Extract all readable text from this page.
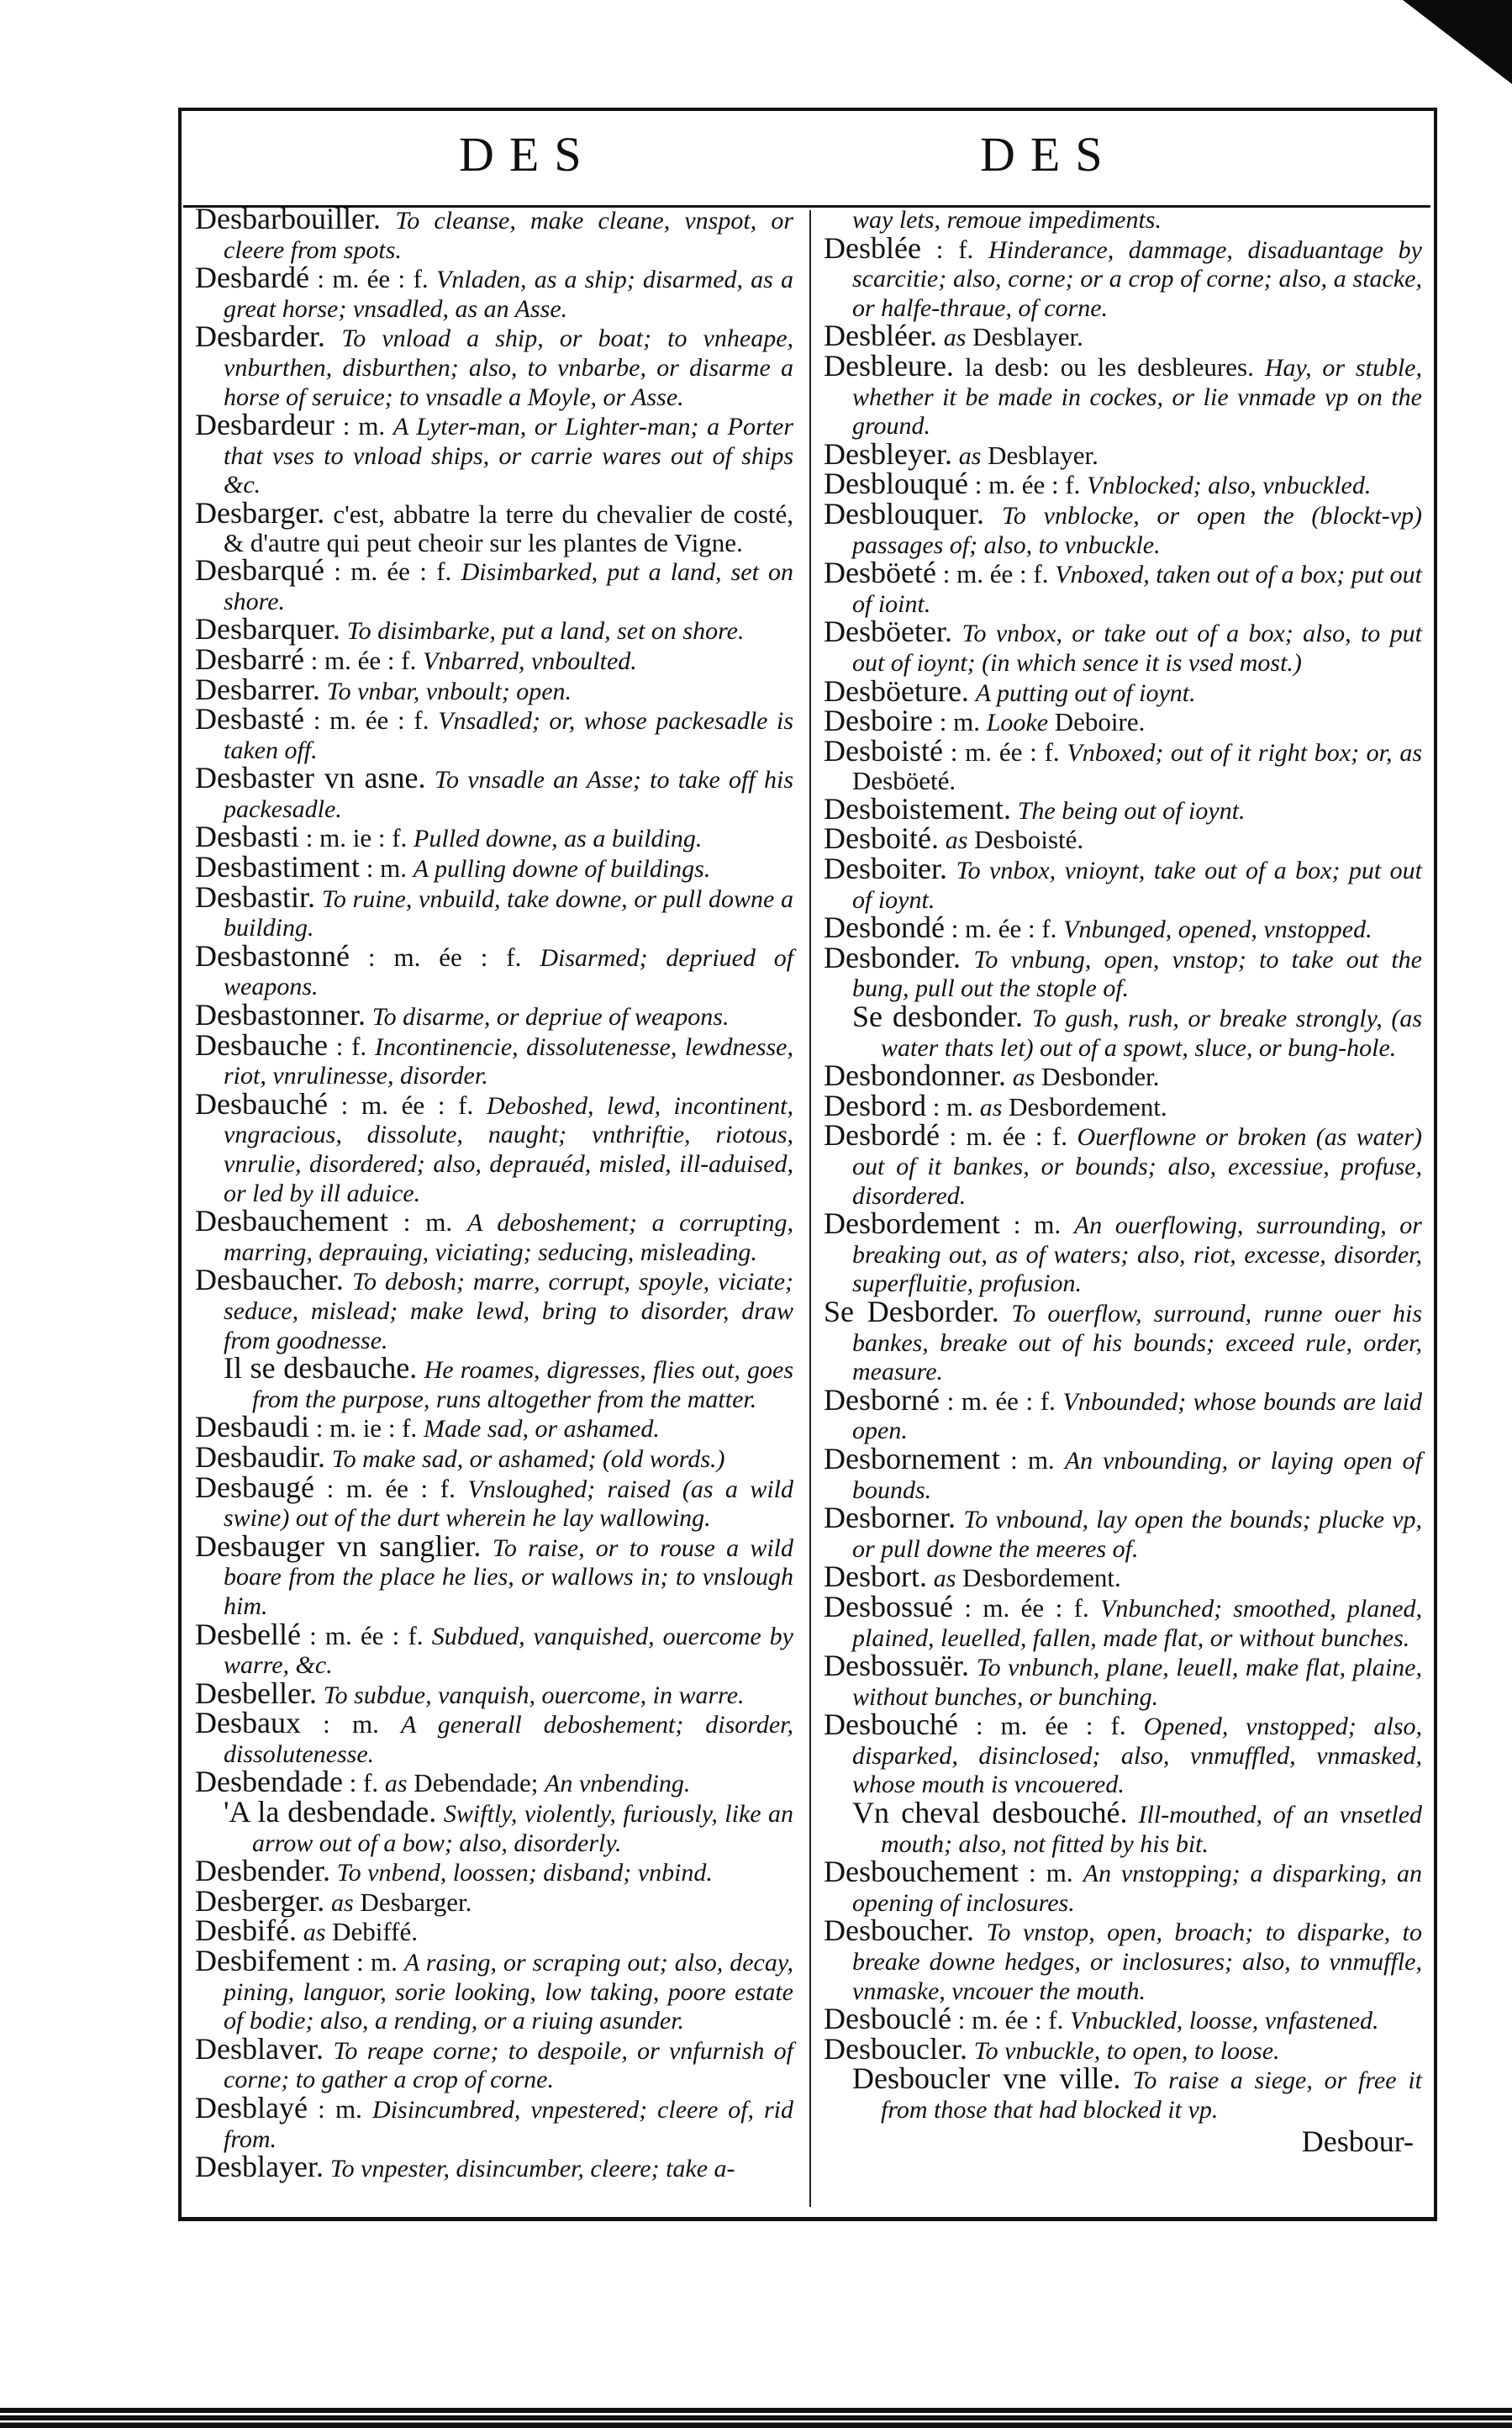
DES	DES

Desbarbouiller. To cleanse, make cleane, vnspot, or cleere from spots.

Desbardé : m. ée : f. Vnladen, as a ship; disarmed, as a great horse; vnsadled, as an Asse.

Desbarder. To vnload a ship, or boat; to vnheape, vnburthen, disburthen; also, to vnbarbe, or disarme a horse of seruice; to vnsadle a Moyle, or Asse.

Desbardeur : m. A Lyter-man, or Lighter-man; a Porter that vses to vnload ships, or carrie wares out of ships &c.

Desbarger. c'est, abbatre la terre du chevalier de costé, & d'autre qui peut cheoir sur les plantes de Vigne.

Desbarqué : m. ée : f. Disimbarked, put a land, set on shore.

Desbarquer. To disimbarke, put a land, set on shore.

Desbarré : m. ée : f. Vnbarred, vnboulted.

Desbarrer. To vnbar, vnboult; open.

Desbasté : m. ée : f. Vnsadled; or, whose packesadle is taken off.

Desbaster vn asne. To vnsadle an Asse; to take off his packesadle.

Desbasti : m. ie : f. Pulled downe, as a building.

Desbastiment : m. A pulling downe of buildings.

Desbastir. To ruine, vnbuild, take downe, or pull downe a building.

Desbastonné : m. ée : f. Disarmed; depriued of weapons.

Desbastonner. To disarme, or depriue of weapons.

Desbauche : f. Incontinencie, dissolutenesse, lewdnesse, riot, vnrulinesse, disorder.

Desbauché : m. ée : f. Deboshed, lewd, incontinent, vngracious, dissolute, naught; vnthriftie, riotous, vnrulie, disordered; also, deprauéd, misled, ill-aduised, or led by ill aduice.

Desbauchement : m. A deboshement; a corrupting, marring, deprauing, viciating; seducing, misleading.

Desbaucher. To debosh; marre, corrupt, spoyle, viciate; seduce, mislead; make lewd, bring to disorder, draw from goodnesse.

Il se desbauche. He roames, digresses, flies out, goes from the purpose, runs altogether from the matter.

Desbaudi : m. ie : f. Made sad, or ashamed.

Desbaudir. To make sad, or ashamed; (old words.)

Desbaugé : m. ée : f. Vnsloughed; raised (as a wild swine) out of the durt wherein he lay wallowing.

Desbauger vn sanglier. To raise, or to rouse a wild boare from the place he lies, or wallows in; to vnslough him.

Desbellé : m. ée : f. Subdued, vanquished, ouercome by warre, &c.

Desbeller. To subdue, vanquish, ouercome, in warre.

Desbaux : m. A generall deboshement; disorder, dissolutenesse.

Desbendade : f. as Debendade; An vnbending.

'A la desbendade. Swiftly, violently, furiously, like an arrow out of a bow; also, disorderly.

Desbender. To vnbend, loossen; disband; vnbind.

Desberger. as Desbarger.

Desbifé. as Debiffé.

Desbifement : m. A rasing, or scraping out; also, decay, pining, languor, sorie looking, low taking, poore estate of bodie; also, a rending, or a riuing asunder.

Desblaver. To reape corne; to despoile, or vnfurnish of corne; to gather a crop of corne.

Desblayé : m. Disincumbred, vnpestered; cleere of, rid from.

Desblayer. To vnpester, disincumber, cleere; take a-

way lets, remoue impediments.

Desblée : f. Hinderance, dammage, disaduantage by scarcitie; also, corne; or a crop of corne; also, a stacke, or halfe-thraue, of corne.

Desbléer. as Desblayer.

Desbleure. la desb: ou les desbleures. Hay, or stuble, whether it be made in cockes, or lie vnmade vp on the ground.

Desbleyer. as Desblayer.

Desblouqué : m. ée : f. Vnblocked; also, vnbuckled.

Desblouquer. To vnblocke, or open the (blockt-vp) passages of; also, to vnbuckle.

Desböeté : m. ée : f. Vnboxed, taken out of a box; put out of ioint.

Desböeter. To vnbox, or take out of a box; also, to put out of ioynt; (in which sence it is vsed most.)

Desböeture. A putting out of ioynt.

Desboire : m. Looke Deboire.

Desboisté : m. ée : f. Vnboxed; out of it right box; or, as Desböeté.

Desboistement. The being out of ioynt.

Desboité. as Desboisté.

Desboiter. To vnbox, vnioynt, take out of a box; put out of ioynt.

Desbondé : m. ée : f. Vnbunged, opened, vnstopped.

Desbonder. To vnbung, open, vnstop; to take out the bung, pull out the stople of.

Se desbonder. To gush, rush, or breake strongly, (as water thats let) out of a spowt, sluce, or bung-hole.

Desbondonner. as Desbonder.

Desbord : m. as Desbordement.

Desbordé : m. ée : f. Ouerflowne or broken (as water) out of it bankes, or bounds; also, excessiue, profuse, disordered.

Desbordement : m. An ouerflowing, surrounding, or breaking out, as of waters; also, riot, excesse, disorder, superfluitie, profusion.

Se Desborder. To ouerflow, surround, runne ouer his bankes, breake out of his bounds; exceed rule, order, measure.

Desborné : m. ée : f. Vnbounded; whose bounds are laid open.

Desbornement : m. An vnbounding, or laying open of bounds.

Desborner. To vnbound, lay open the bounds; plucke vp, or pull downe the meeres of.

Desbort. as Desbordement.

Desbossué : m. ée : f. Vnbunched; smoothed, planed, plained, leuelled, fallen, made flat, or without bunches.

Desbossuër. To vnbunch, plane, leuell, make flat, plaine, without bunches, or bunching.

Desbouché : m. ée : f. Opened, vnstopped; also, disparked, disinclosed; also, vnmuffled, vnmasked, whose mouth is vncouered.

Vn cheval desbouché. Ill-mouthed, of an vnsetled mouth; also, not fitted by his bit.

Desbouchement : m. An vnstopping; a disparking, an opening of inclosures.

Desboucher. To vnstop, open, broach; to disparke, to breake downe hedges, or inclosures; also, to vnmuffle, vnmaske, vncouer the mouth.

Desbouclé : m. ée : f. Vnbuckled, loosse, vnfastened.

Desboucler. To vnbuckle, to open, to loose.

Desboucler vne ville. To raise a siege, or free it from those that had blocked it vp.

Desbour-
